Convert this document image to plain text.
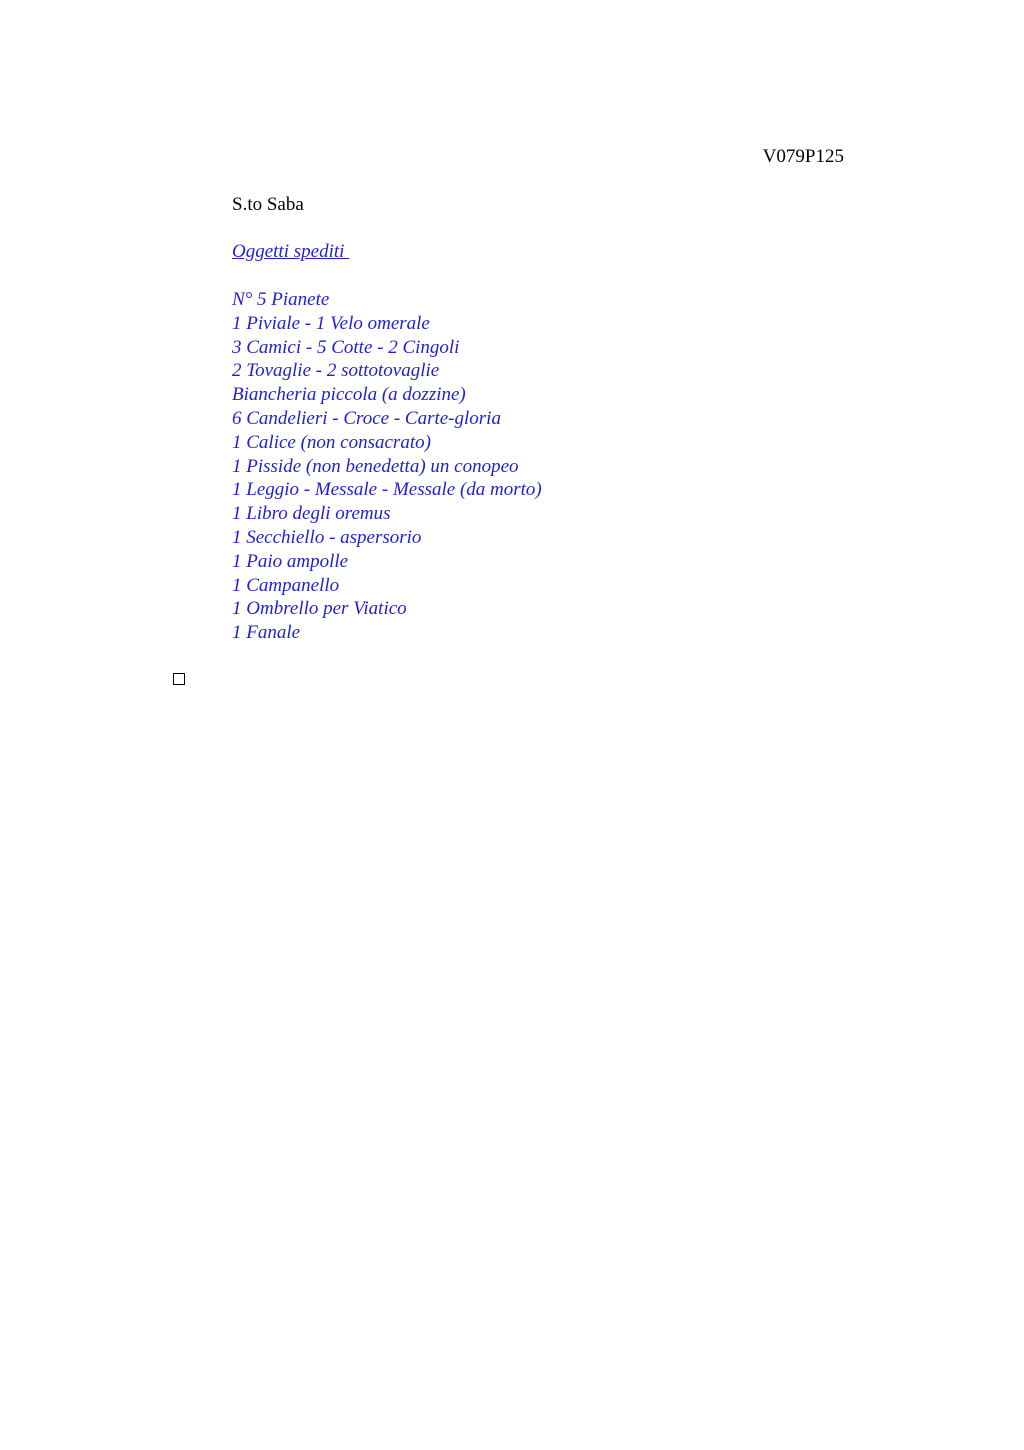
V079P125

S.to Saba

Oggetti spediti

N° 5 Pianete
1 Piviale - 1 Velo omerale
3 Camici - 5 Cotte - 2 Cingoli
2 Tovaglie - 2 sottotovaglie
Biancheria piccola (a dozzine)
6 Candelieri - Croce - Carte-gloria
1 Calice (non consacrato)
1 Pisside (non benedetta) un conopeo
1 Leggio - Messale - Messale (da morto)
1 Libro degli oremus
1 Secchiello - aspersorio
1 Paio ampolle
1 Campanello
1 Ombrello per Viatico
1 Fanale
